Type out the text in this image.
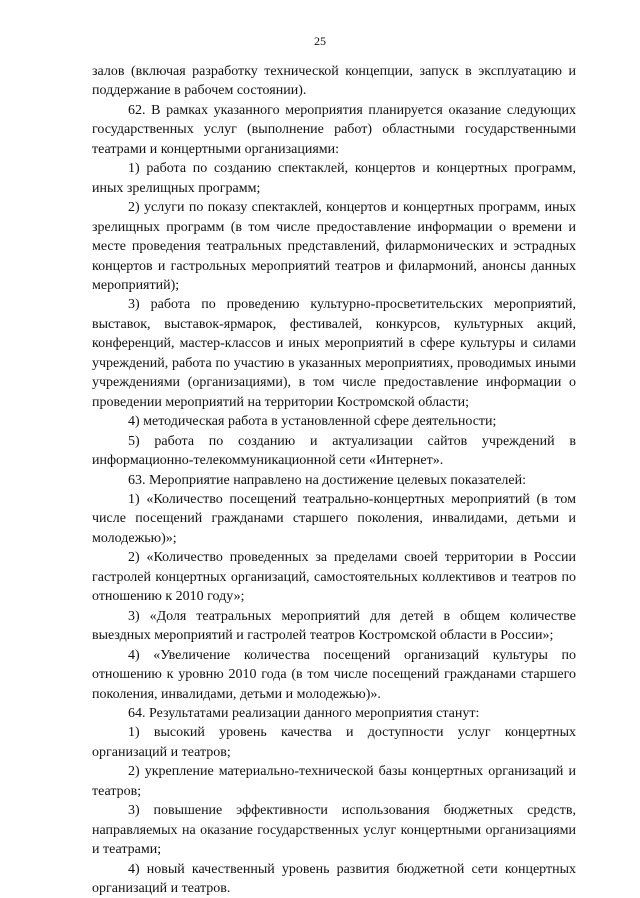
25

залов (включая разработку технической концепции, запуск в эксплуатацию и поддержание в рабочем состоянии).

62. В рамках указанного мероприятия планируется оказание следующих государственных услуг (выполнение работ) областными государственными театрами и концертными организациями:

1) работа по созданию спектаклей, концертов и концертных программ, иных зрелищных программ;

2) услуги по показу спектаклей, концертов и концертных программ, иных зрелищных программ (в том числе предоставление информации о времени и месте проведения театральных представлений, филармонических и эстрадных концертов и гастрольных мероприятий театров и филармоний, анонсы данных мероприятий);

3) работа по проведению культурно-просветительских мероприятий, выставок, выставок-ярмарок, фестивалей, конкурсов, культурных акций, конференций, мастер-классов и иных мероприятий в сфере культуры и силами учреждений, работа по участию в указанных мероприятиях, проводимых иными учреждениями (организациями), в том числе предоставление информации о проведении мероприятий на территории Костромской области;

4) методическая работа в установленной сфере деятельности;

5) работа по созданию и актуализации сайтов учреждений в информационно-телекоммуникационной сети «Интернет».

63. Мероприятие направлено на достижение целевых показателей:

1) «Количество посещений театрально-концертных мероприятий (в том числе посещений гражданами старшего поколения, инвалидами, детьми и молодежью)»;

2) «Количество проведенных за пределами своей территории в России гастролей концертных организаций, самостоятельных коллективов и театров по отношению к 2010 году»;

3) «Доля театральных мероприятий для детей в общем количестве выездных мероприятий и гастролей театров Костромской области в России»;

4) «Увеличение количества посещений организаций культуры по отношению к уровню 2010 года (в том числе посещений гражданами старшего поколения, инвалидами, детьми и молодежью)».

64. Результатами реализации данного мероприятия станут:

1) высокий уровень качества и доступности услуг концертных организаций и театров;

2) укрепление материально-технической базы концертных организаций и театров;

3) повышение эффективности использования бюджетных средств, направляемых на оказание государственных услуг концертными организациями и театрами;

4) новый качественный уровень развития бюджетной сети концертных организаций и театров.
